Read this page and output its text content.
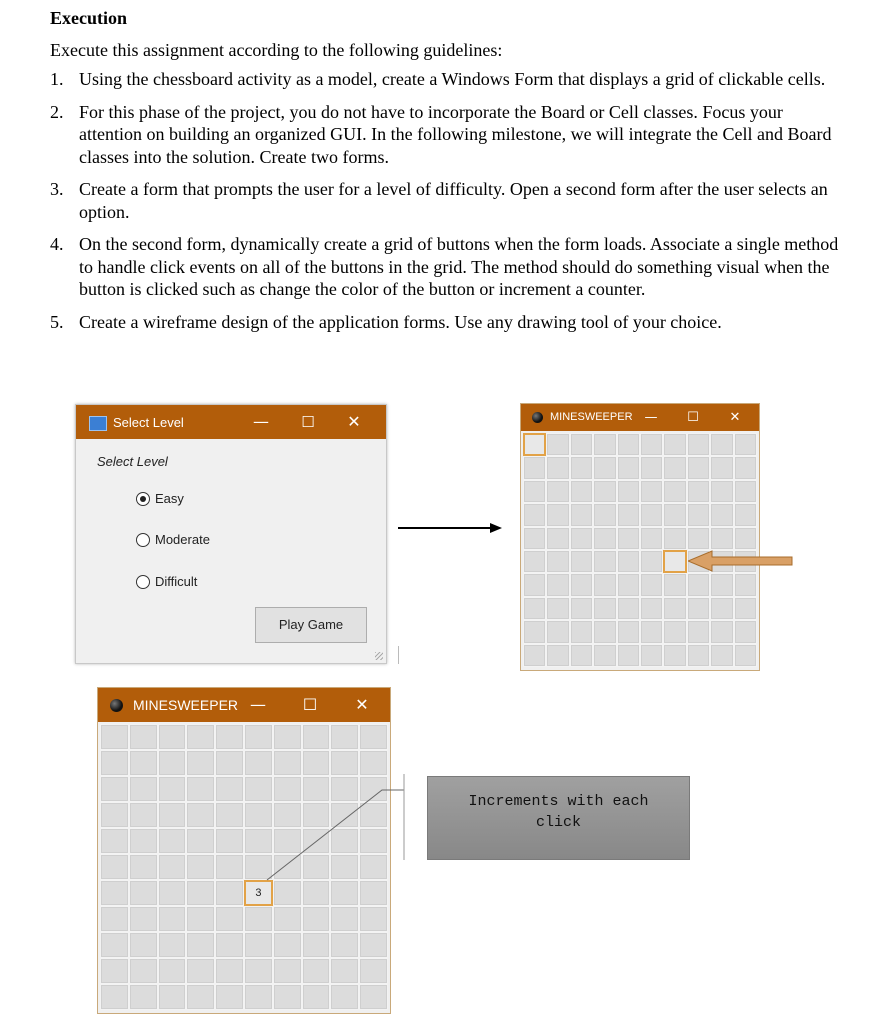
Execution

Execute this assignment according to the following guidelines:

1. Using the chessboard activity as a model, create a Windows Form that displays a grid of clickable cells.
2. For this phase of the project, you do not have to incorporate the Board or Cell classes. Focus your attention on building an organized GUI. In the following milestone, we will integrate the Cell and Board classes into the solution. Create two forms.
3. Create a form that prompts the user for a level of difficulty. Open a second form after the user selects an option.
4. On the second form, dynamically create a grid of buttons when the form loads. Associate a single method to handle click events on all of the buttons in the grid. The method should do something visual when the button is clicked such as change the color of the button or increment a counter.
5. Create a wireframe design of the application forms. Use any drawing tool of your choice.
Select Level	—	☐	✕
Select Level
Easy
Moderate
Difficult
Play Game
MINESWEEPER —	☐	✕
MINESWEEPER —	☐	✕
3
Increments with each
click
